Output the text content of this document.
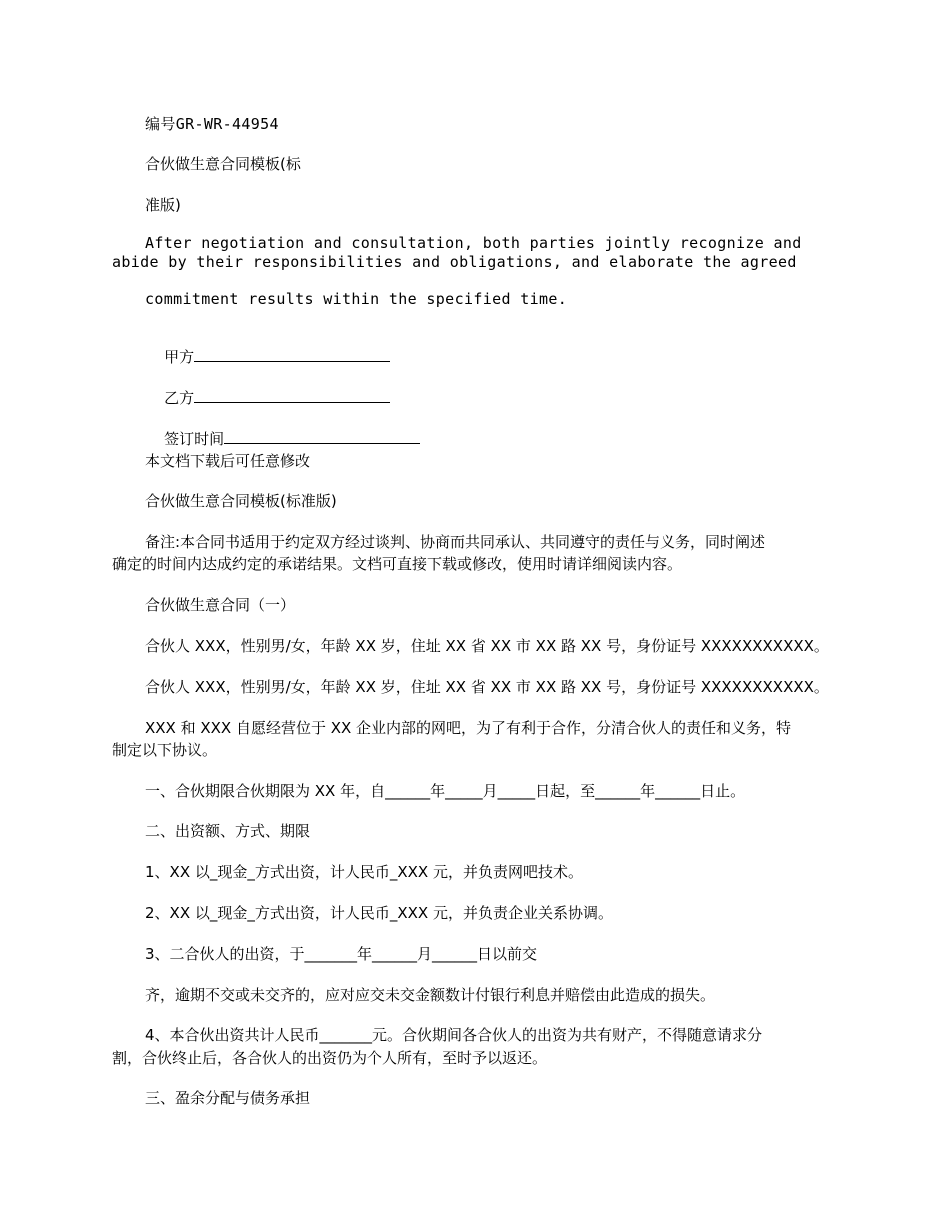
编号GR-WR-44954
合伙做生意合同模板(标
准版)
After negotiation and consultation, both parties jointly recognize and
abide by their responsibilities and obligations, and elaborate the agreed
commitment results within the specified time.

甲方

乙方

签订时间

本文档下载后可任意修改
合伙做生意合同模板(标准版)
备注:本合同书适用于约定双方经过谈判、协商而共同承认、共同遵守的责任与义务，同时阐述
确定的时间内达成约定的承诺结果。文档可直接下载或修改，使用时请详细阅读内容。
合伙做生意合同（一）
合伙人 XXX，性别男/女，年龄 XX 岁，住址 XX 省 XX 市 XX 路 XX 号，身份证号 XXXXXXXXXXX。
合伙人 XXX，性别男/女，年龄 XX 岁，住址 XX 省 XX 市 XX 路 XX 号，身份证号 XXXXXXXXXXX。
XXX 和 XXX 自愿经营位于 XX 企业内部的网吧，为了有利于合作，分清合伙人的责任和义务，特
制定以下协议。
一、合伙期限合伙期限为 XX 年，自______年_____月_____日起，至______年______日止。
二、出资额、方式、期限
1、XX 以_现金_方式出资，计人民币_XXX 元，并负责网吧技术。
2、XX 以_现金_方式出资，计人民币_XXX 元，并负责企业关系协调。
3、二合伙人的出资，于_______年______月______日以前交
齐，逾期不交或未交齐的，应对应交未交金额数计付银行利息并赔偿由此造成的损失。
4、本合伙出资共计人民币_______元。合伙期间各合伙人的出资为共有财产，不得随意请求分
割，合伙终止后，各合伙人的出资仍为个人所有，至时予以返还。
三、盈余分配与债务承担
